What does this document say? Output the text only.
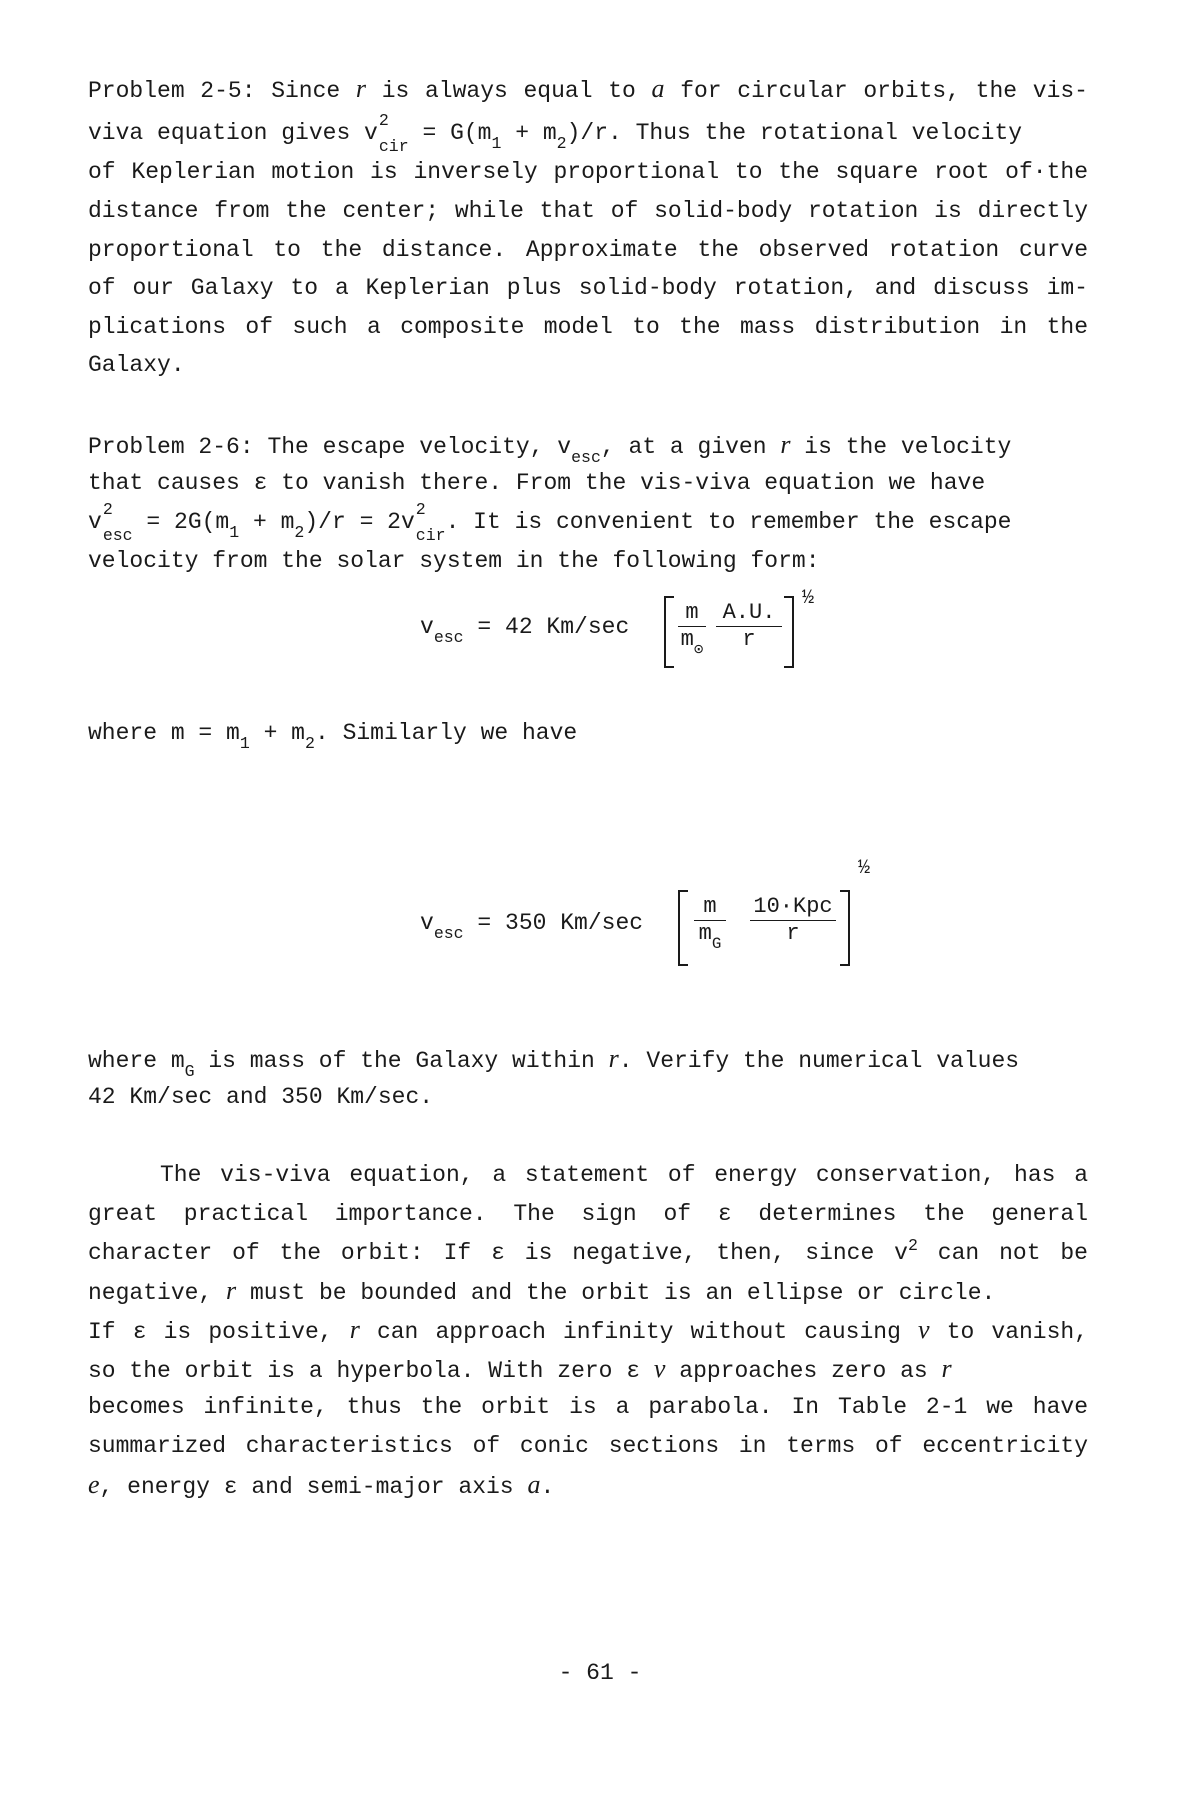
Problem 2-5: Since r is always equal to a for circular orbits, the vis-
viva equation gives v 2
$_{cir} = G(m_1 + m_2)/r$. Thus the rotational velocity
of Keplerian motion is inversely proportional to the square root of·the
distance from the center; while that of solid-body rotation is directly
proportional to the distance. Approximate the observed rotation curve
of our Galaxy to a Keplerian plus solid-body rotation, and discuss im-
plications of such a composite model to the mass distribution in the
Galaxy.
Problem 2-6: The escape velocity, $v_{esc}$, at a given r is the velocity
that causes ε to vanish there. From the vis-viva equation we have
v 2
$_{esc} = 2G(m_1 + m_2)/r = 2v$ 2
$_{cir}$. It is convenient to remember the escape
velocity from the solar system in the following form:
$v_{esc} = 42$ $Km/\sec \frac{m}{m_⊙} \frac{A.U.}{r}$
½
where $m = m_1 + m_2$. Similarly we have
$v_{esc} = 350$ $Km/\sec \frac{m}{m_G} 10\cdot Kpc$
r
½
where $m_G$ is mass of the Galaxy within r. Verify the numerical values
42 Km/sec and 350 Km/sec.
The vis-viva equation, a statement of energy conservation, has a
great practical importance. The sign of ε determines the general
character of the orbit: If ε is negative, then, since $v^2$ can not be
negative, r must be bounded and the orbit is an ellipse or circle.
If ε is positive, r can approach infinity without causing v to vanish,
so the orbit is a hyperbola. With zero ε v approaches zero as r
becomes infinite, thus the orbit is a parabola. In Table 2-1 we have
summarized characteristics of conic sections in terms of eccentricity
e, energy ε and semi-major axis a.
- 61 -
